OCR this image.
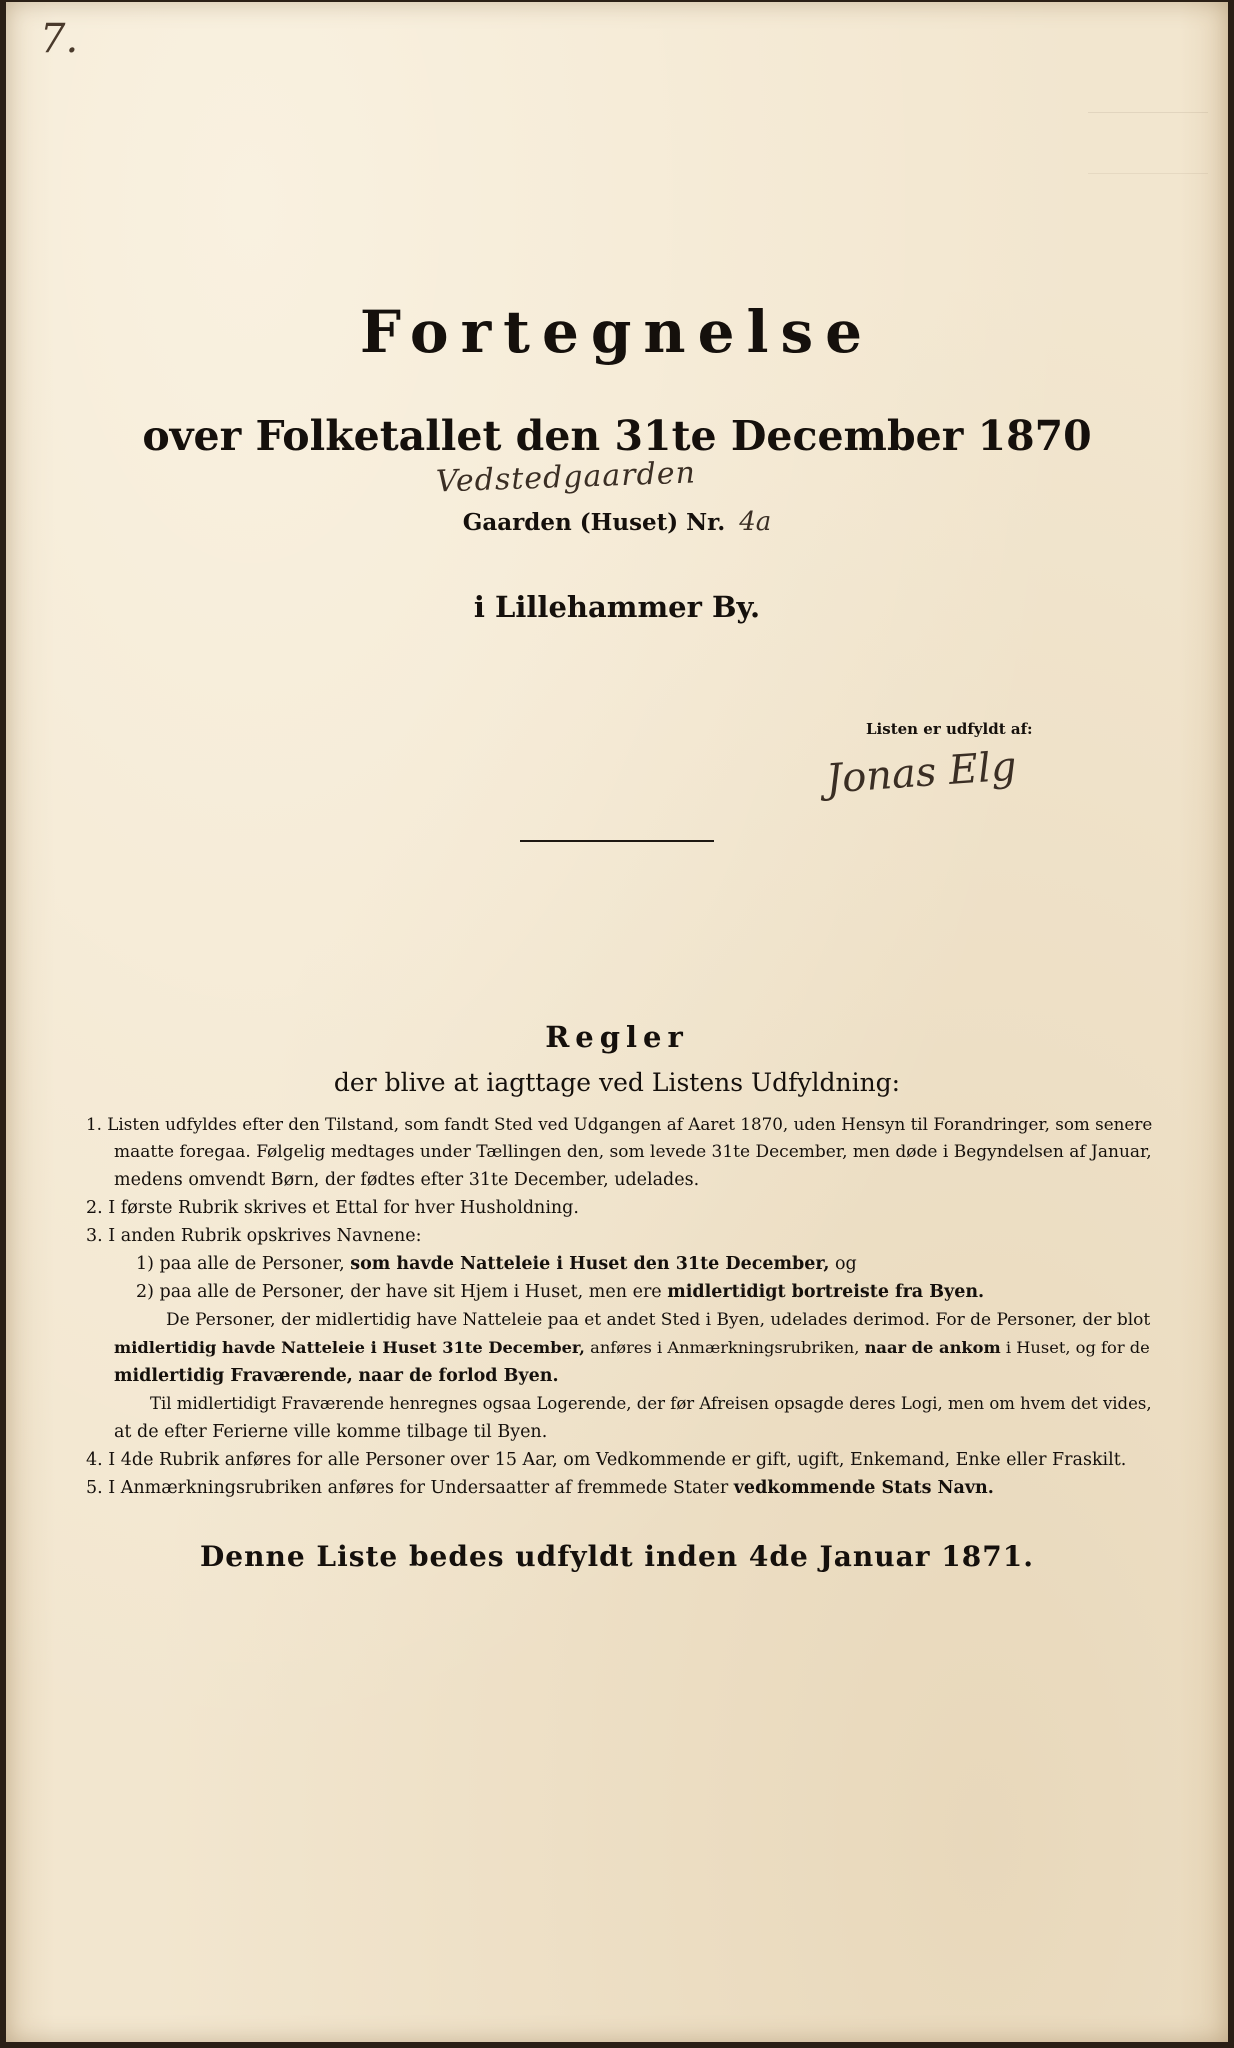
7.
Fortegnelse
over Folketallet den 31te December 1870
Vedstedgaarden
Gaarden (Huset) Nr. 4a
i Lillehammer By.
Listen er udfyldt af:
Jonas Elg
Regler
der blive at iagttage ved Listens Udfyldning:
1. Listen udfyldes efter den Tilstand, som fandt Sted ved Udgangen af Aaret 1870, uden Hensyn til Forandringer, som senere
maatte foregaa. Følgelig medtages under Tællingen den, som levede 31te December, men døde i Begyndelsen af Januar,
medens omvendt Børn, der fødtes efter 31te December, udelades.
2. I første Rubrik skrives et Ettal for hver Husholdning.
3. I anden Rubrik opskrives Navnene:
1) paa alle de Personer, som havde Natteleie i Huset den 31te December, og
2) paa alle de Personer, der have sit Hjem i Huset, men ere midlertidigt bortreiste fra Byen.
De Personer, der midlertidig have Natteleie paa et andet Sted i Byen, udelades derimod. For de Personer, der blot
midlertidig havde Natteleie i Huset 31te December, anføres i Anmærkningsrubriken, naar de ankom i Huset, og for de
midlertidig Fraværende, naar de forlod Byen.
Til midlertidigt Fraværende henregnes ogsaa Logerende, der før Afreisen opsagde deres Logi, men om hvem det vides,
at de efter Ferierne ville komme tilbage til Byen.
4. I 4de Rubrik anføres for alle Personer over 15 Aar, om Vedkommende er gift, ugift, Enkemand, Enke eller Fraskilt.
5. I Anmærkningsrubriken anføres for Undersaatter af fremmede Stater vedkommende Stats Navn.
Denne Liste bedes udfyldt inden 4de Januar 1871.
